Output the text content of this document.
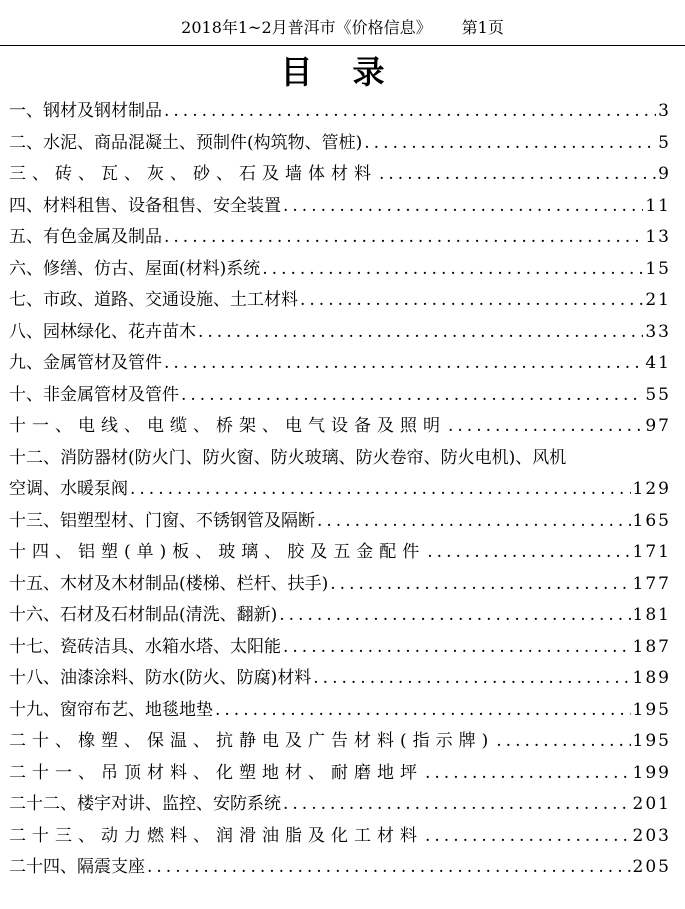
2018年1~2月普洱市《价格信息》 第1页
目录
一、钢材及钢材制品 .....	3
二、水泥、商品混凝土、预制件(构筑物、管桩) .....	5
三、砖、瓦、灰、砂、石及墙体材料 .....	9
四、材料租售、设备租售、安全装置 .....	11
五、有色金属及制品 .....	13
六、修缮、仿古、屋面(材料)系统 .....	15
七、市政、道路、交通设施、土工材料 .....	21
八、园林绿化、花卉苗木 .....	33
九、金属管材及管件 .....	41
十、非金属管材及管件 .....	55
十一、电线、电缆、桥架、电气设备及照明 .....	97
十二、消防器材(防火门、防火窗、防火玻璃、防火卷帘、防火电机)、风机
空调、水暖泵阀 .....	129
十三、铝塑型材、门窗、不锈钢管及隔断 .....	165
十四、铝塑(单)板、玻璃、胶及五金配件 .....	171
十五、木材及木材制品(楼梯、栏杆、扶手) .....	177
十六、石材及石材制品(清洗、翻新) .....	181
十七、瓷砖洁具、水箱水塔、太阳能 .....	187
十八、油漆涂料、防水(防火、防腐)材料 .....	189
十九、窗帘布艺、地毯地垫 .....	195
二十、橡塑、保温、抗静电及广告材料(指示牌) .....	195
二十一、吊顶材料、化塑地材、耐磨地坪 .....	199
二十二、楼宇对讲、监控、安防系统 .....	201
二十三、动力燃料、润滑油脂及化工材料 .....	203
二十四、隔震支座 .....	205
